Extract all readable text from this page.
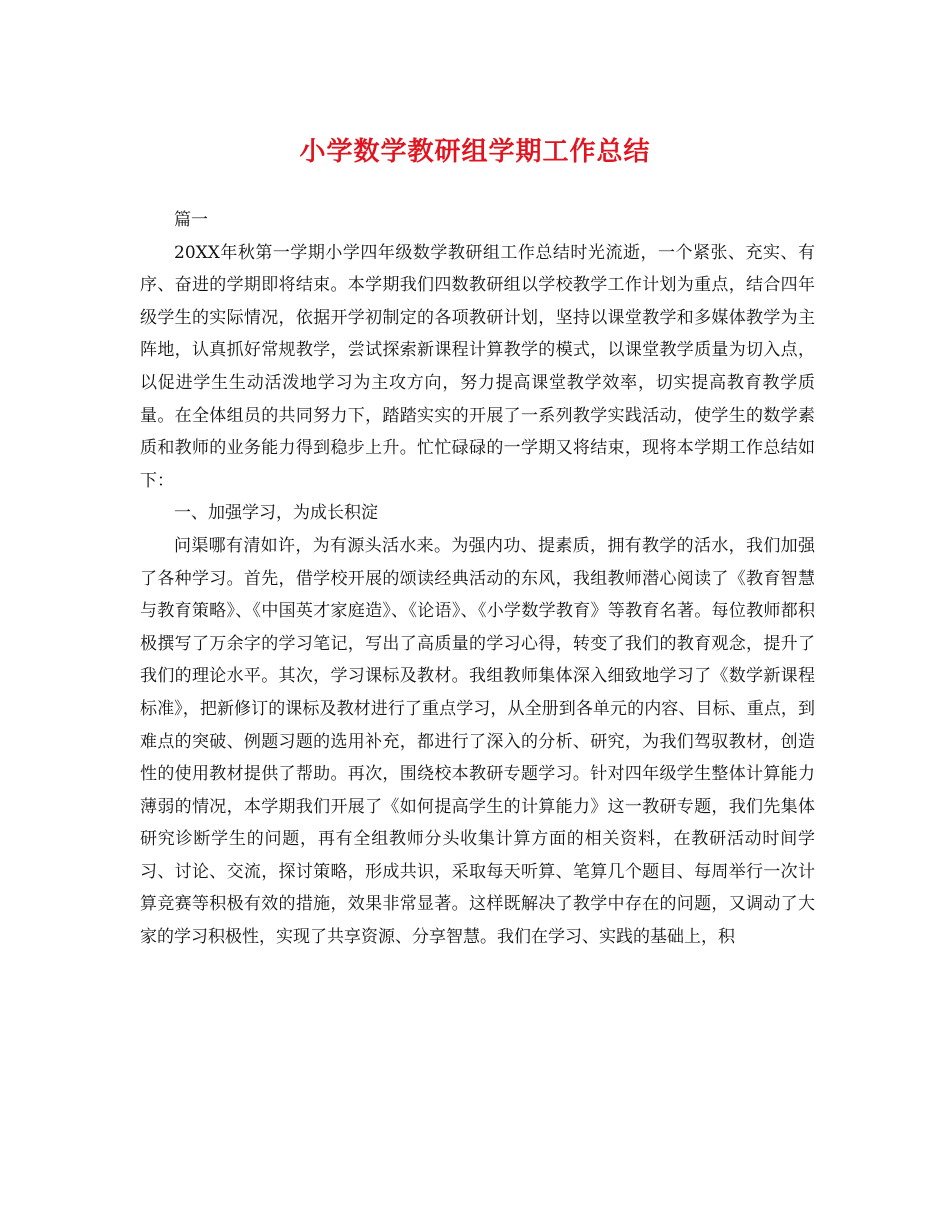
小学数学教研组学期工作总结

篇一

20XX年秋第一学期小学四年级数学教研组工作总结时光流逝，一个紧张、充实、有序、奋进的学期即将结束。本学期我们四数教研组以学校教学工作计划为重点，结合四年级学生的实际情况，依据开学初制定的各项教研计划，坚持以课堂教学和多媒体教学为主阵地，认真抓好常规教学，尝试探索新课程计算教学的模式，以课堂教学质量为切入点，以促进学生生动活泼地学习为主攻方向，努力提高课堂教学效率，切实提高教育教学质量。在全体组员的共同努力下，踏踏实实的开展了一系列教学实践活动，使学生的数学素质和教师的业务能力得到稳步上升。忙忙碌碌的一学期又将结束，现将本学期工作总结如下：

一、加强学习，为成长积淀

问渠哪有清如许，为有源头活水来。为强内功、提素质，拥有教学的活水，我们加强了各种学习。首先，借学校开展的颂读经典活动的东风，我组教师潜心阅读了《教育智慧与教育策略》、《中国英才家庭造》、《论语》、《小学数学教育》等教育名著。每位教师都积极撰写了万余字的学习笔记，写出了高质量的学习心得，转变了我们的教育观念，提升了我们的理论水平。其次，学习课标及教材。我组教师集体深入细致地学习了《数学新课程标准》，把新修订的课标及教材进行了重点学习，从全册到各单元的内容、目标、重点，到难点的突破、例题习题的选用补充，都进行了深入的分析、研究，为我们驾驭教材，创造性的使用教材提供了帮助。再次，围绕校本教研专题学习。针对四年级学生整体计算能力薄弱的情况，本学期我们开展了《如何提高学生的计算能力》这一教研专题，我们先集体研究诊断学生的问题，再有全组教师分头收集计算方面的相关资料，在教研活动时间学习、讨论、交流，探讨策略，形成共识，采取每天听算、笔算几个题目、每周举行一次计算竞赛等积极有效的措施，效果非常显著。这样既解决了教学中存在的问题，又调动了大家的学习积极性，实现了共享资源、分享智慧。我们在学习、实践的基础上，积
